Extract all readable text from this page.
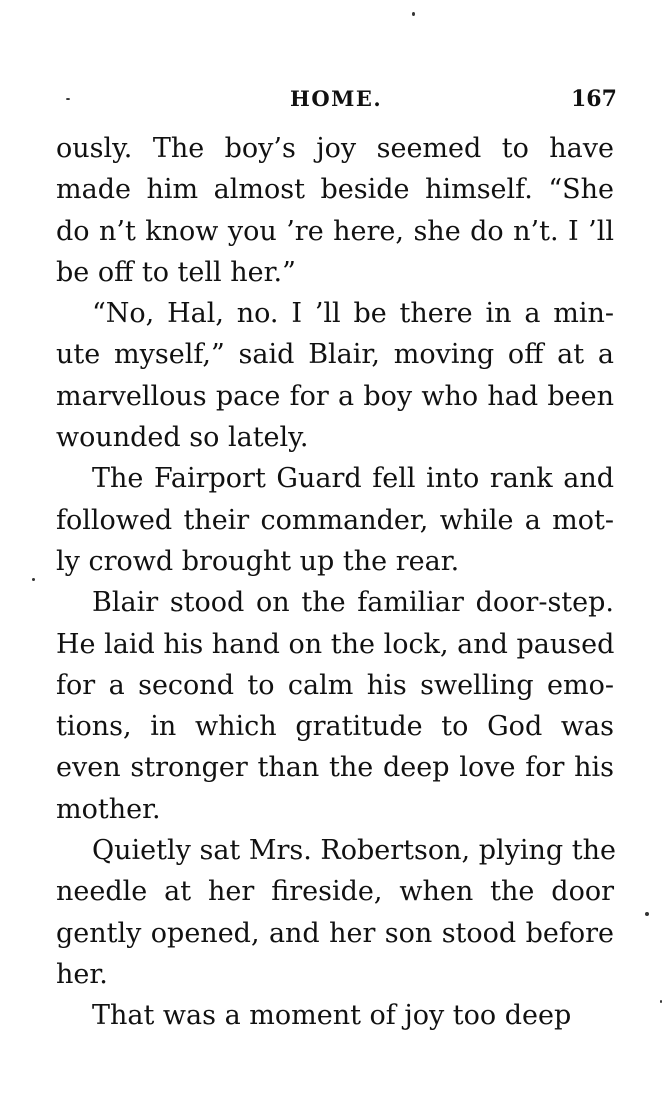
HOME.	167
ously. The boy’s joy seemed to have
made him almost beside himself. “She
do n’t know you ’re here, she do n’t. I ’ll
be off to tell her.”
“No, Hal, no. I ’ll be there in a min-
ute myself,” said Blair, moving off at a
marvellous pace for a boy who had been
wounded so lately.
The Fairport Guard fell into rank and
followed their commander, while a mot-
ly crowd brought up the rear.
Blair stood on the familiar door-step.
He laid his hand on the lock, and paused
for a second to calm his swelling emo-
tions, in which gratitude to God was
even stronger than the deep love for his
mother.
Quietly sat Mrs. Robertson, plying the
needle at her fireside, when the door
gently opened, and her son stood before
her.
That was a moment of joy too deep
